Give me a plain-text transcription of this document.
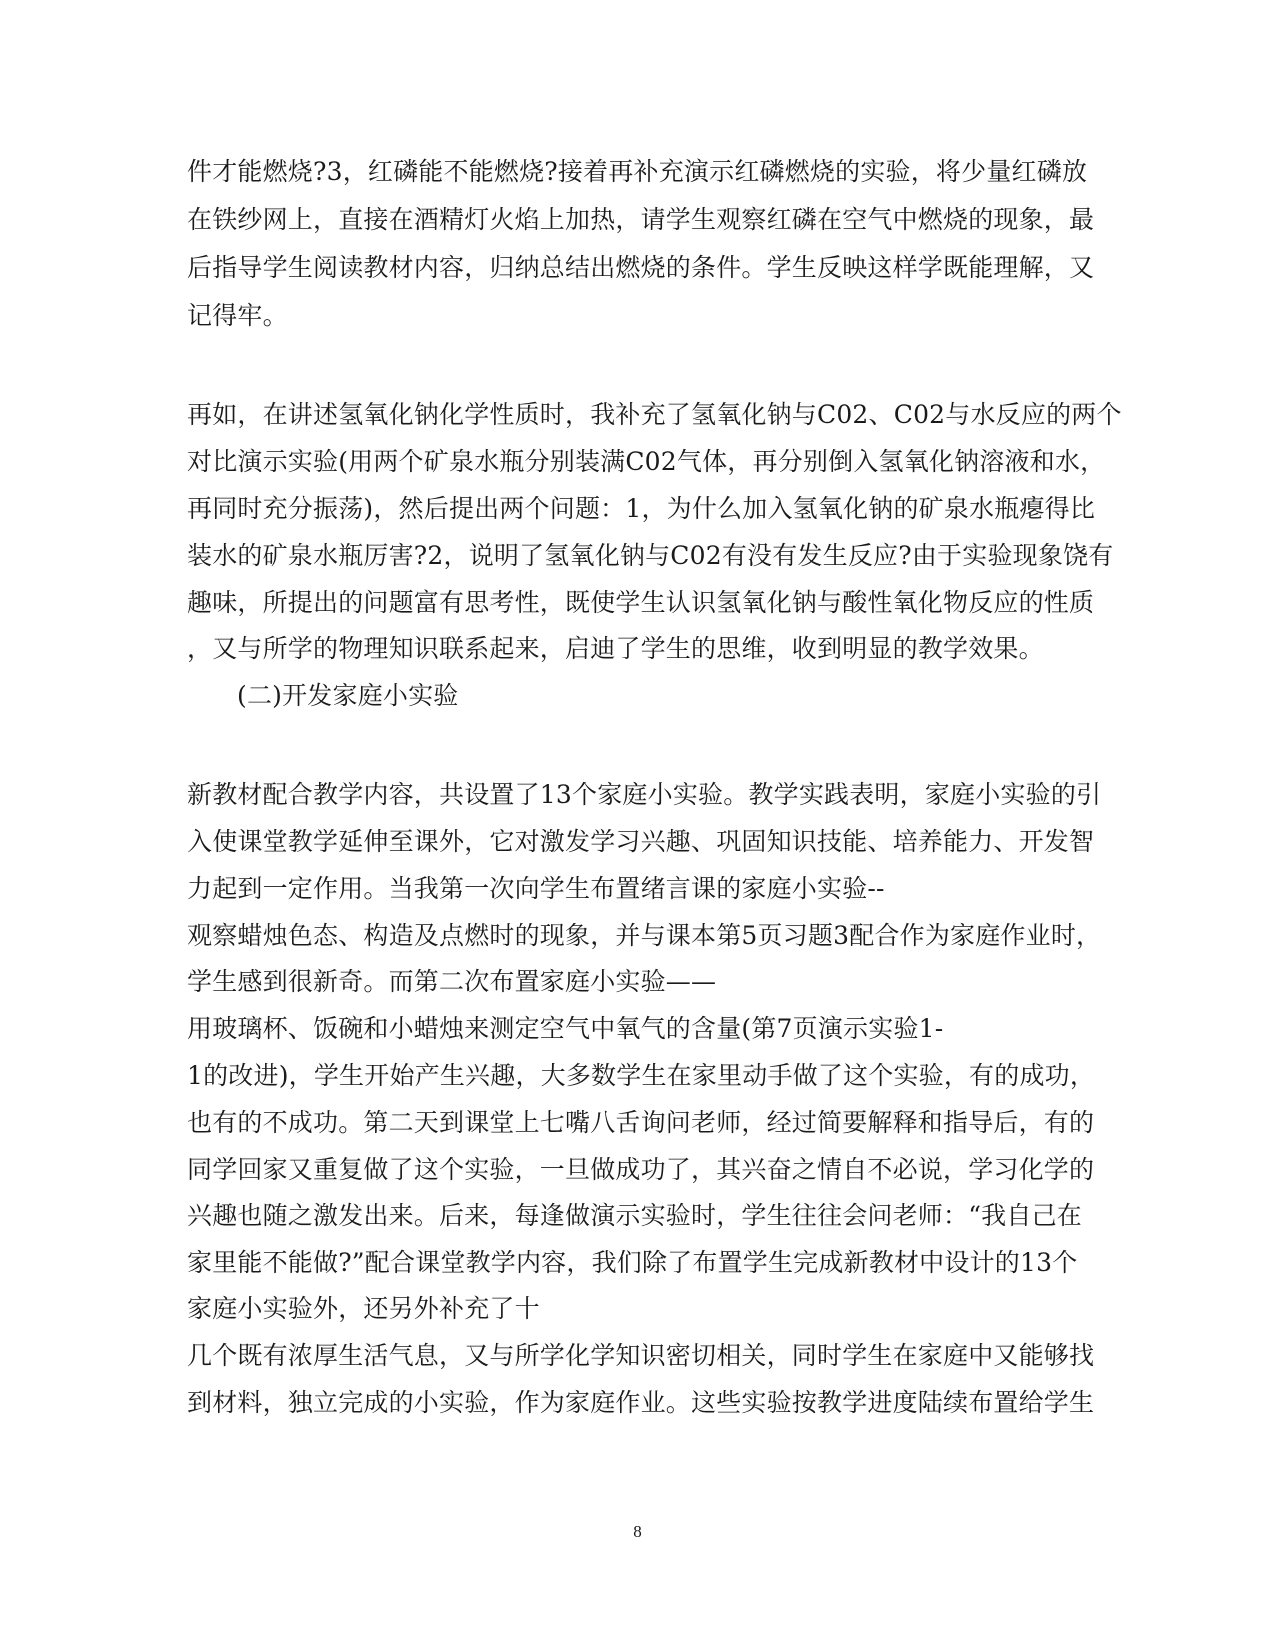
件才能燃烧?3，红磷能不能燃烧?接着再补充演示红磷燃烧的实验，将少量红磷放
在铁纱网上，直接在酒精灯火焰上加热，请学生观察红磷在空气中燃烧的现象，最
后指导学生阅读教材内容，归纳总结出燃烧的条件。学生反映这样学既能理解，又
记得牢。
再如，在讲述氢氧化钠化学性质时，我补充了氢氧化钠与C02、C02与水反应的两个
对比演示实验(用两个矿泉水瓶分别装满C02气体，再分别倒入氢氧化钠溶液和水，
再同时充分振荡)，然后提出两个问题：1，为什么加入氢氧化钠的矿泉水瓶瘪得比
装水的矿泉水瓶厉害?2，说明了氢氧化钠与C02有没有发生反应?由于实验现象饶有
趣味，所提出的问题富有思考性，既使学生认识氢氧化钠与酸性氧化物反应的性质
，又与所学的物理知识联系起来，启迪了学生的思维，收到明显的教学效果。
(二)开发家庭小实验
新教材配合教学内容，共设置了13个家庭小实验。教学实践表明，家庭小实验的引
入使课堂教学延伸至课外，它对激发学习兴趣、巩固知识技能、培养能力、开发智
力起到一定作用。当我第一次向学生布置绪言课的家庭小实验--
观察蜡烛色态、构造及点燃时的现象，并与课本第5页习题3配合作为家庭作业时，
学生感到很新奇。而第二次布置家庭小实验——
用玻璃杯、饭碗和小蜡烛来测定空气中氧气的含量(第7页演示实验1-
1的改进)，学生开始产生兴趣，大多数学生在家里动手做了这个实验，有的成功，
也有的不成功。第二天到课堂上七嘴八舌询问老师，经过简要解释和指导后，有的
同学回家又重复做了这个实验，一旦做成功了，其兴奋之情自不必说，学习化学的
兴趣也随之激发出来。后来，每逢做演示实验时，学生往往会问老师：“我自己在
家里能不能做?”配合课堂教学内容，我们除了布置学生完成新教材中设计的13个
家庭小实验外，还另外补充了十
几个既有浓厚生活气息，又与所学化学知识密切相关，同时学生在家庭中又能够找
到材料，独立完成的小实验，作为家庭作业。这些实验按教学进度陆续布置给学生
8
